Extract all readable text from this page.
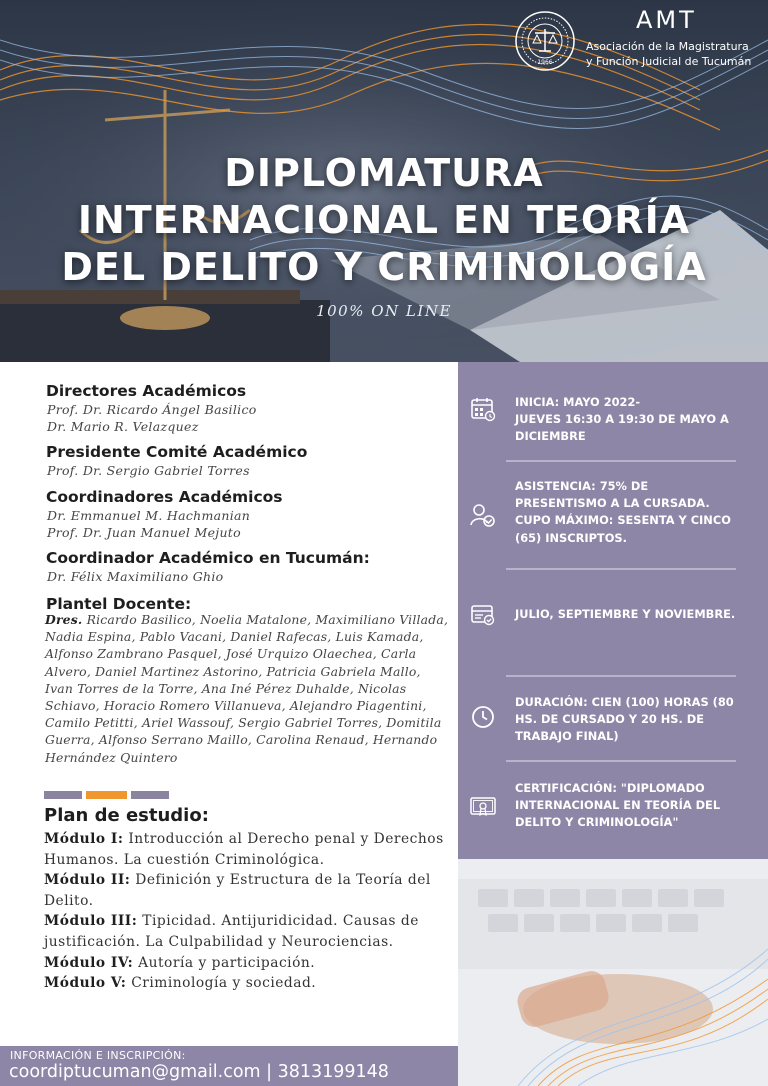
1966
AMT
Asociación de la Magistratura
y Función Judicial de Tucumán
DIPLOMATURA
INTERNACIONAL EN TEORÍA
DEL DELITO Y CRIMINOLOGÍA
100% ON LINE
Directores Académicos
Prof. Dr. Ricardo Ángel Basilico
Dr. Mario R. Velazquez
Presidente Comité Académico
Prof. Dr. Sergio Gabriel Torres
Coordinadores Académicos
Dr. Emmanuel M. Hachmanian
Prof. Dr. Juan Manuel Mejuto
Coordinador Académico en Tucumán:
Dr. Félix Maximiliano Ghio
Plantel Docente:
Dres. Ricardo Basilico, Noelia Matalone, Maximiliano Villada, Nadia Espina, Pablo Vacani, Daniel Rafecas, Luis Kamada, Alfonso Zambrano Pasquel, José Urquizo Olaechea, Carla Alvero, Daniel Martinez Astorino, Patricia Gabriela Mallo, Ivan Torres de la Torre, Ana Iné Pérez Duhalde, Nicolas Schiavo, Horacio Romero Villanueva, Alejandro Piagentini, Camilo Petitti, Ariel Wassouf, Sergio Gabriel Torres, Domitila Guerra, Alfonso Serrano Maillo, Carolina Renaud, Hernando Hernández Quintero
Plan de estudio:
Módulo I: Introducción al Derecho penal y Derechos Humanos. La cuestión Criminológica.
Módulo II: Definición y Estructura de la Teoría del Delito.
Módulo III: Tipicidad. Antijuridicidad. Causas de justificación. La Culpabilidad y Neurociencias.
Módulo IV: Autoría y participación.
Módulo V: Criminología y sociedad.
INICIA: MAYO 2022-
JUEVES 16:30 A 19:30 DE MAYO A
DICIEMBRE
ASISTENCIA: 75% DE
PRESENTISMO A LA CURSADA.
CUPO MÁXIMO: SESENTA Y CINCO
(65) INSCRIPTOS.
JULIO, SEPTIEMBRE Y NOVIEMBRE.
DURACIÓN: CIEN (100) HORAS (80
HS. DE CURSADO Y 20 HS. DE
TRABAJO FINAL)
CERTIFICACIÓN: "DIPLOMADO
INTERNACIONAL EN TEORÍA DEL
DELITO Y CRIMINOLOGÍA"
INFORMACIÓN E INSCRIPCIÓN:
coordiptucuman@gmail.com | 3813199148
